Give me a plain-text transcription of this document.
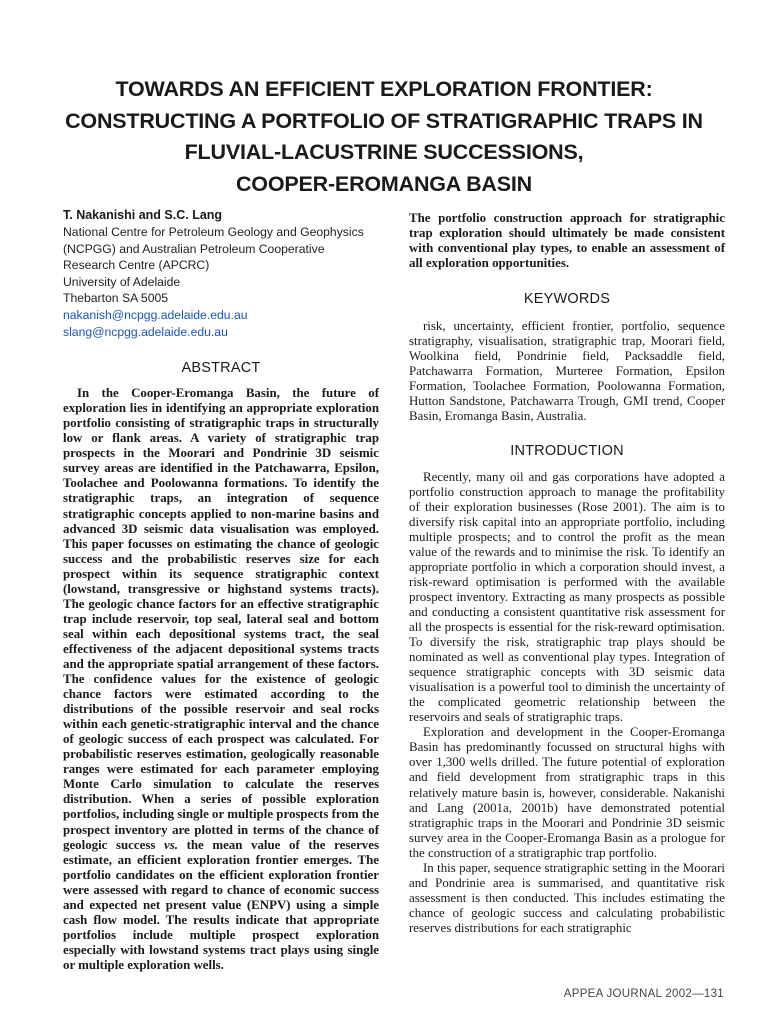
TOWARDS AN EFFICIENT EXPLORATION FRONTIER:
CONSTRUCTING A PORTFOLIO OF STRATIGRAPHIC TRAPS IN
FLUVIAL-LACUSTRINE SUCCESSIONS,
COOPER-EROMANGA BASIN
T. Nakanishi and S.C. Lang
National Centre for Petroleum Geology and Geophysics
(NCPGG) and Australian Petroleum Cooperative
Research Centre (APCRC)
University of Adelaide
Thebarton SA 5005
nakanish@ncpgg.adelaide.edu.au
slang@ncpgg.adelaide.edu.au
ABSTRACT

In the Cooper-Eromanga Basin, the future of exploration lies in identifying an appropriate exploration portfolio consisting of stratigraphic traps in structurally low or flank areas. A variety of stratigraphic trap prospects in the Moorari and Pondrinie 3D seismic survey areas are identified in the Patchawarra, Epsilon, Toolachee and Poolowanna formations. To identify the stratigraphic traps, an integration of sequence stratigraphic concepts applied to non-marine basins and advanced 3D seismic data visualisation was employed. This paper focusses on estimating the chance of geologic success and the probabilistic reserves size for each prospect within its sequence stratigraphic context (lowstand, transgressive or highstand systems tracts). The geologic chance factors for an effective stratigraphic trap include reservoir, top seal, lateral seal and bottom seal within each depositional systems tract, the seal effectiveness of the adjacent depositional systems tracts and the appropriate spatial arrangement of these factors. The confidence values for the existence of geologic chance factors were estimated according to the distributions of the possible reservoir and seal rocks within each genetic-stratigraphic interval and the chance of geologic success of each prospect was calculated. For probabilistic reserves estimation, geologically reasonable ranges were estimated for each parameter employing Monte Carlo simulation to calculate the reserves distribution. When a series of possible exploration portfolios, including single or multiple prospects from the prospect inventory are plotted in terms of the chance of geologic success vs. the mean value of the reserves estimate, an efficient exploration frontier emerges. The portfolio candidates on the efficient exploration frontier were assessed with regard to chance of economic success and expected net present value (ENPV) using a simple cash flow model. The results indicate that appropriate portfolios include multiple prospect exploration especially with lowstand systems tract plays using single or multiple exploration wells.

The portfolio construction approach for stratigraphic trap exploration should ultimately be made consistent with conventional play types, to enable an assessment of all exploration opportunities.

KEYWORDS

risk, uncertainty, efficient frontier, portfolio, sequence stratigraphy, visualisation, stratigraphic trap, Moorari field, Woolkina field, Pondrinie field, Packsaddle field, Patchawarra Formation, Murteree Formation, Epsilon Formation, Toolachee Formation, Poolowanna Formation, Hutton Sandstone, Patchawarra Trough, GMI trend, Cooper Basin, Eromanga Basin, Australia.

INTRODUCTION

Recently, many oil and gas corporations have adopted a portfolio construction approach to manage the profitability of their exploration businesses (Rose 2001). The aim is to diversify risk capital into an appropriate portfolio, including multiple prospects; and to control the profit as the mean value of the rewards and to minimise the risk. To identify an appropriate portfolio in which a corporation should invest, a risk-reward optimisation is performed with the available prospect inventory. Extracting as many prospects as possible and conducting a consistent quantitative risk assessment for all the prospects is essential for the risk-reward optimisation. To diversify the risk, stratigraphic trap plays should be nominated as well as conventional play types. Integration of sequence stratigraphic concepts with 3D seismic data visualisation is a powerful tool to diminish the uncertainty of the complicated geometric relationship between the reservoirs and seals of stratigraphic traps.

Exploration and development in the Cooper-Eromanga Basin has predominantly focussed on structural highs with over 1,300 wells drilled. The future potential of exploration and field development from stratigraphic traps in this relatively mature basin is, however, considerable. Nakanishi and Lang (2001a, 2001b) have demonstrated potential stratigraphic traps in the Moorari and Pondrinie 3D seismic survey area in the Cooper-Eromanga Basin as a prologue for the construction of a stratigraphic trap portfolio.

In this paper, sequence stratigraphic setting in the Moorari and Pondrinie area is summarised, and quantitative risk assessment is then conducted. This includes estimating the chance of geologic success and calculating probabilistic reserves distributions for each stratigraphic

APPEA JOURNAL 2002—131
